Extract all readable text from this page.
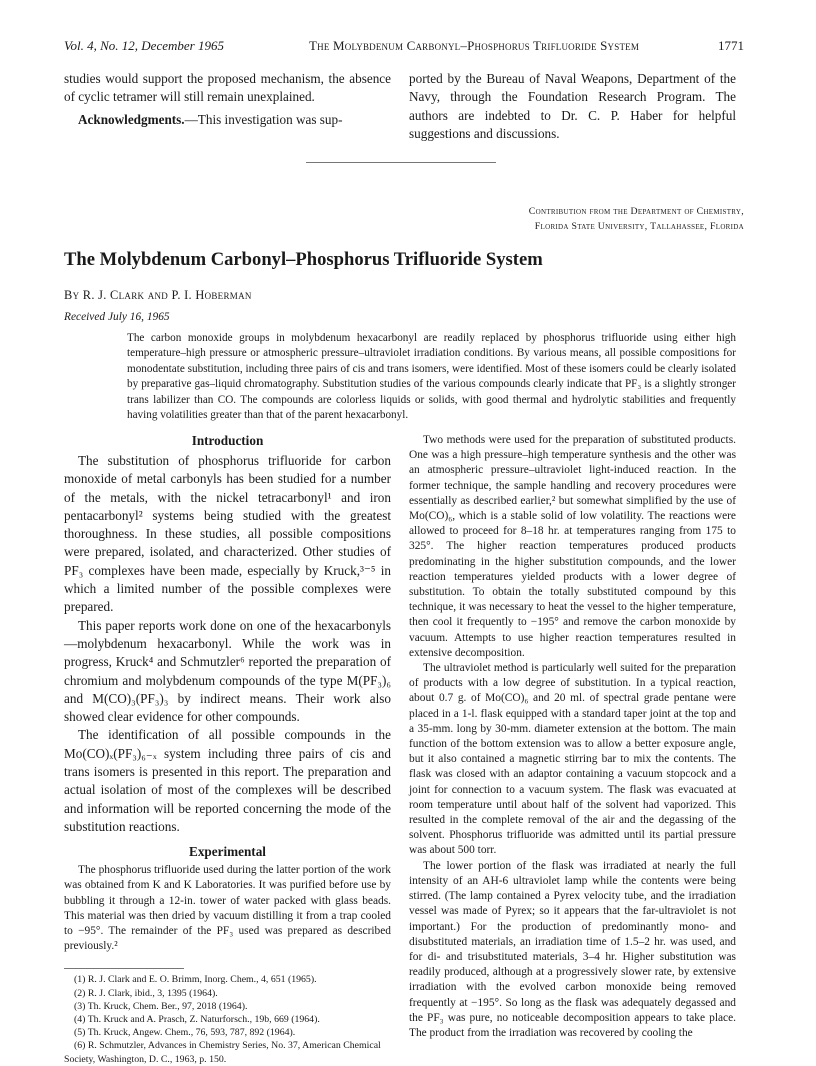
Vol. 4, No. 12, December 1965	The Molybdenum Carbonyl–Phosphorus Trifluoride System	1771

studies would support the proposed mechanism, the absence of cyclic tetramer will still remain unexplained.

Acknowledgments.—This investigation was sup-

ported by the Bureau of Naval Weapons, Department of the Navy, through the Foundation Research Program. The authors are indebted to Dr. C. P. Haber for helpful suggestions and discussions.

Contribution from the Department of Chemistry,
Florida State University, Tallahassee, Florida
The Molybdenum Carbonyl–Phosphorus Trifluoride System
By R. J. Clark and P. I. Hoberman
Received July 16, 1965
The carbon monoxide groups in molybdenum hexacarbonyl are readily replaced by phosphorus trifluoride using either high temperature–high pressure or atmospheric pressure–ultraviolet irradiation conditions. By various means, all possible compositions for monodentate substitution, including three pairs of cis and trans isomers, were identified. Most of these isomers could be clearly isolated by preparative gas–liquid chromatography. Substitution studies of the various compounds clearly indicate that PF₃ is a slightly stronger trans labilizer than CO. The compounds are colorless liquids or solids, with good thermal and hydrolytic stabilities and frequently having volatilities greater than that of the parent hexacarbonyl.
Introduction

The substitution of phosphorus trifluoride for carbon monoxide of metal carbonyls has been studied for a number of the metals, with the nickel tetracarbonyl¹ and iron pentacarbonyl² systems being studied with the greatest thoroughness. In these studies, all possible compositions were prepared, isolated, and characterized. Other studies of PF₃ complexes have been made, especially by Kruck,³⁻⁵ in which a limited number of the possible complexes were prepared.

This paper reports work done on one of the hexacarbonyls—molybdenum hexacarbonyl. While the work was in progress, Kruck⁴ and Schmutzler⁶ reported the preparation of chromium and molybdenum compounds of the type M(PF₃)₆ and M(CO)₃(PF₃)₃ by indirect means. Their work also showed clear evidence for other compounds.

The identification of all possible compounds in the Mo(CO)ₓ(PF₃)₆₋ₓ system including three pairs of cis and trans isomers is presented in this report. The preparation and actual isolation of most of the complexes will be described and information will be reported concerning the mode of the substitution reactions.

Experimental

The phosphorus trifluoride used during the latter portion of the work was obtained from K and K Laboratories. It was purified before use by bubbling it through a 12-in. tower of water packed with glass beads. This material was then dried by vacuum distilling it from a trap cooled to −95°. The remainder of the PF₃ used was prepared as described previously.²

(1) R. J. Clark and E. O. Brimm, Inorg. Chem., 4, 651 (1965).
(2) R. J. Clark, ibid., 3, 1395 (1964).
(3) Th. Kruck, Chem. Ber., 97, 2018 (1964).
(4) Th. Kruck and A. Prasch, Z. Naturforsch., 19b, 669 (1964).
(5) Th. Kruck, Angew. Chem., 76, 593, 787, 892 (1964).
(6) R. Schmutzler, Advances in Chemistry Series, No. 37, American Chemical Society, Washington, D. C., 1963, p. 150.

Two methods were used for the preparation of substituted products. One was a high pressure–high temperature synthesis and the other was an atmospheric pressure–ultraviolet light-induced reaction. In the former technique, the sample handling and recovery procedures were essentially as described earlier,² but somewhat simplified by the use of Mo(CO)₆, which is a stable solid of low volatility. The reactions were allowed to proceed for 8–18 hr. at temperatures ranging from 175 to 325°. The higher reaction temperatures produced products predominating in the higher substitution compounds, and the lower reaction temperatures yielded products with a lower degree of substitution. To obtain the totally substituted compound by this technique, it was necessary to heat the vessel to the higher temperature, then cool it frequently to −195° and remove the carbon monoxide by vacuum. Attempts to use higher reaction temperatures resulted in extensive decomposition.

The ultraviolet method is particularly well suited for the preparation of products with a low degree of substitution. In a typical reaction, about 0.7 g. of Mo(CO)₆ and 20 ml. of spectral grade pentane were placed in a 1-l. flask equipped with a standard taper joint at the top and a 35-mm. long by 30-mm. diameter extension at the bottom. The main function of the bottom extension was to allow a better exposure angle, but it also contained a magnetic stirring bar to mix the contents. The flask was closed with an adaptor containing a vacuum stopcock and a joint for connection to a vacuum system. The flask was evacuated at room temperature until about half of the solvent had vaporized. This resulted in the complete removal of the air and the degassing of the solvent. Phosphorus trifluoride was admitted until its partial pressure was about 500 torr.

The lower portion of the flask was irradiated at nearly the full intensity of an AH-6 ultraviolet lamp while the contents were being stirred. (The lamp contained a Pyrex velocity tube, and the irradiation vessel was made of Pyrex; so it appears that the far-ultraviolet is not important.) For the production of predominantly mono- and disubstituted materials, an irradiation time of 1.5–2 hr. was used, and for di- and trisubstituted materials, 3–4 hr. Higher substitution was readily produced, although at a progressively slower rate, by extensive irradiation with the evolved carbon monoxide being removed frequently at −195°. So long as the flask was adequately degassed and the PF₃ was pure, no noticeable decomposition appears to take place. The product from the irradiation was recovered by cooling the
